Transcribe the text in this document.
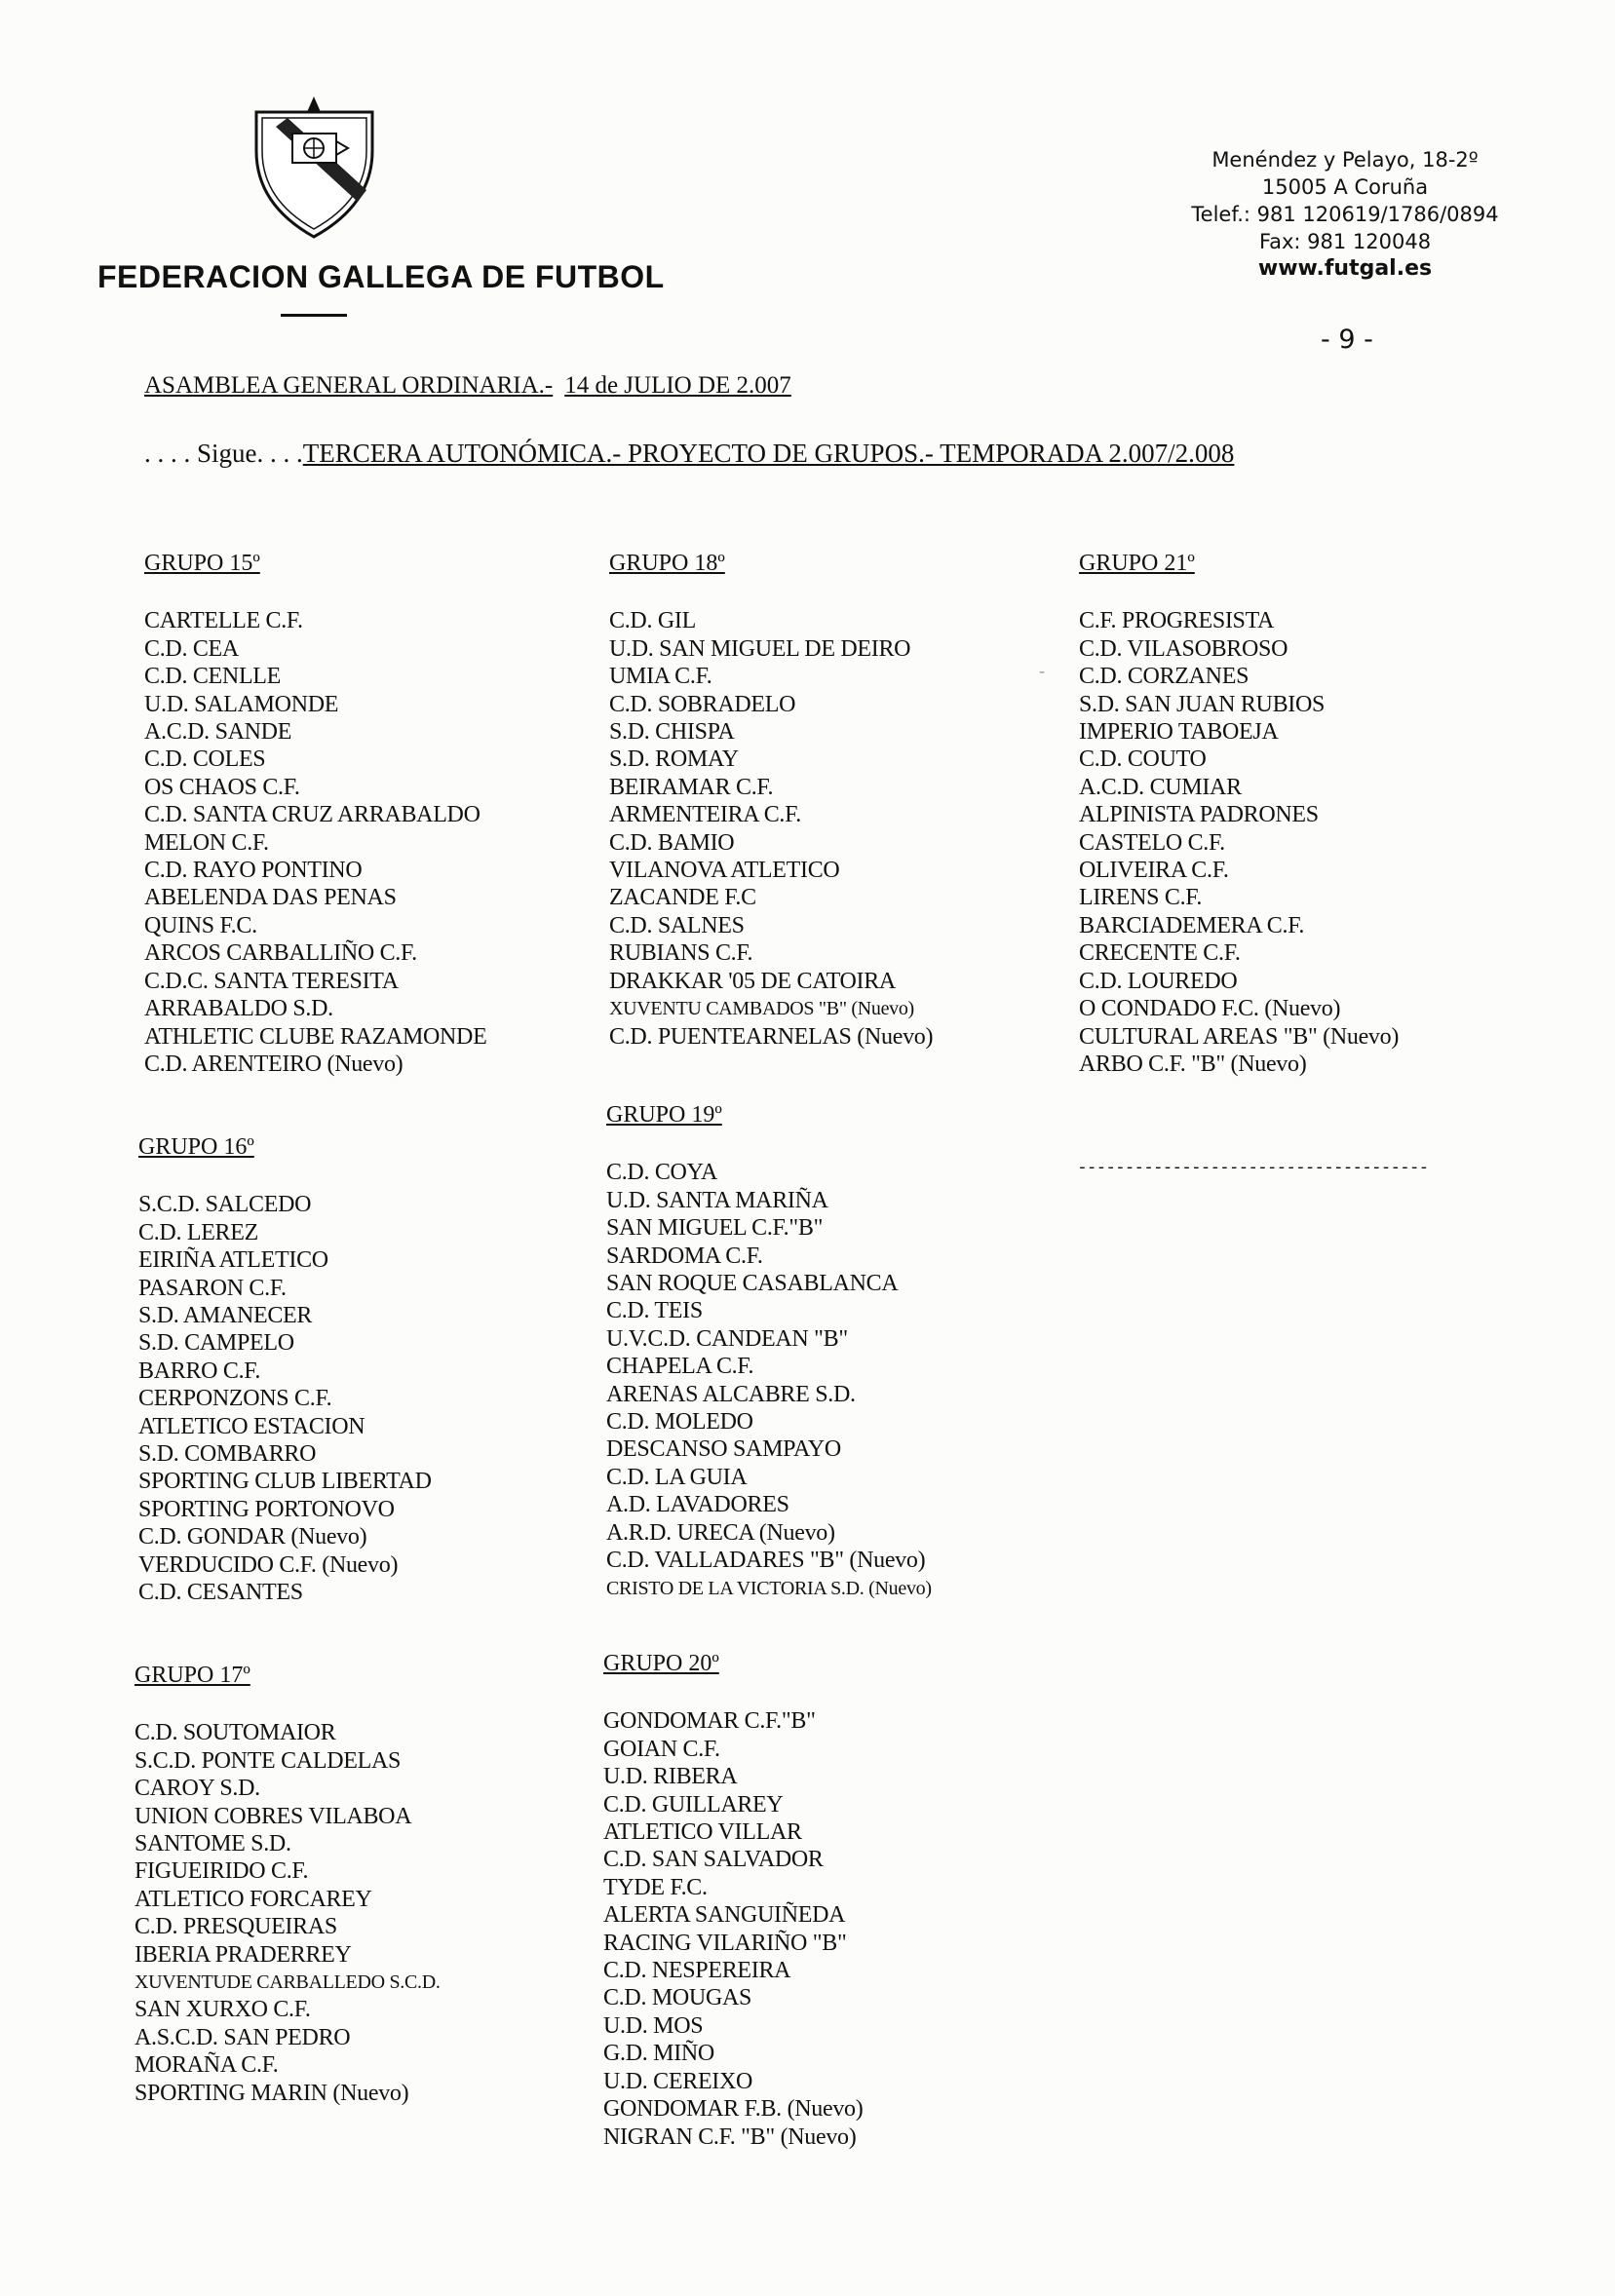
FEDERACION GALLEGA DE FUTBOL
Menéndez y Pelayo, 18-2º
15005 A Coruña
Telef.: 981 120619/1786/0894
Fax: 981 120048
www.futgal.es
- 9 -
ASAMBLEA GENERAL ORDINARIA.- 14 de JULIO DE 2.007
. . . . Sigue. . . .TERCERA AUTONÓMICA.- PROYECTO DE GRUPOS.- TEMPORADA 2.007/2.008
GRUPO 15º
CARTELLE C.F.
C.D. CEA
C.D. CENLLE
U.D. SALAMONDE
A.C.D. SANDE
C.D. COLES
OS CHAOS C.F.
C.D. SANTA CRUZ ARRABALDO
MELON C.F.
C.D. RAYO PONTINO
ABELENDA DAS PENAS
QUINS F.C.
ARCOS CARBALLIÑO C.F.
C.D.C. SANTA TERESITA
ARRABALDO S.D.
ATHLETIC CLUBE RAZAMONDE
C.D. ARENTEIRO (Nuevo)
GRUPO 16º
S.C.D. SALCEDO
C.D. LEREZ
EIRIÑA ATLETICO
PASARON C.F.
S.D. AMANECER
S.D. CAMPELO
BARRO C.F.
CERPONZONS C.F.
ATLETICO ESTACION
S.D. COMBARRO
SPORTING CLUB LIBERTAD
SPORTING PORTONOVO
C.D. GONDAR (Nuevo)
VERDUCIDO C.F. (Nuevo)
C.D. CESANTES
GRUPO 17º
C.D. SOUTOMAIOR
S.C.D. PONTE CALDELAS
CAROY S.D.
UNION COBRES VILABOA
SANTOME S.D.
FIGUEIRIDO C.F.
ATLETICO FORCAREY
C.D. PRESQUEIRAS
IBERIA PRADERREY
XUVENTUDE CARBALLEDO S.C.D.
SAN XURXO C.F.
A.S.C.D. SAN PEDRO
MORAÑA C.F.
SPORTING MARIN (Nuevo)
GRUPO 18º
C.D. GIL
U.D. SAN MIGUEL DE DEIRO
UMIA C.F.
C.D. SOBRADELO
S.D. CHISPA
S.D. ROMAY
BEIRAMAR C.F.
ARMENTEIRA C.F.
C.D. BAMIO
VILANOVA ATLETICO
ZACANDE F.C
C.D. SALNES
RUBIANS C.F.
DRAKKAR '05 DE CATOIRA
XUVENTU CAMBADOS "B" (Nuevo)
C.D. PUENTEARNELAS (Nuevo)
GRUPO 19º
C.D. COYA
U.D. SANTA MARIÑA
SAN MIGUEL C.F."B"
SARDOMA C.F.
SAN ROQUE CASABLANCA
C.D. TEIS
U.V.C.D. CANDEAN "B"
CHAPELA C.F.
ARENAS ALCABRE S.D.
C.D. MOLEDO
DESCANSO SAMPAYO
C.D. LA GUIA
A.D. LAVADORES
A.R.D. URECA (Nuevo)
C.D. VALLADARES "B" (Nuevo)
CRISTO DE LA VICTORIA S.D. (Nuevo)
GRUPO 20º
GONDOMAR C.F."B"
GOIAN C.F.
U.D. RIBERA
C.D. GUILLAREY
ATLETICO VILLAR
C.D. SAN SALVADOR
TYDE F.C.
ALERTA SANGUIÑEDA
RACING VILARIÑO "B"
C.D. NESPEREIRA
C.D. MOUGAS
U.D. MOS
G.D. MIÑO
U.D. CEREIXO
GONDOMAR F.B. (Nuevo)
NIGRAN C.F. "B" (Nuevo)
GRUPO 21º
C.F. PROGRESISTA
C.D. VILASOBROSO
C.D. CORZANES
S.D. SAN JUAN RUBIOS
IMPERIO TABOEJA
C.D. COUTO
A.C.D. CUMIAR
ALPINISTA PADRONES
CASTELO C.F.
OLIVEIRA C.F.
LIRENS C.F.
BARCIADEMERA C.F.
CRECENTE C.F.
C.D. LOUREDO
O CONDADO F.C. (Nuevo)
CULTURAL AREAS "B" (Nuevo)
ARBO C.F. "B" (Nuevo)
-
-------------------------------------
